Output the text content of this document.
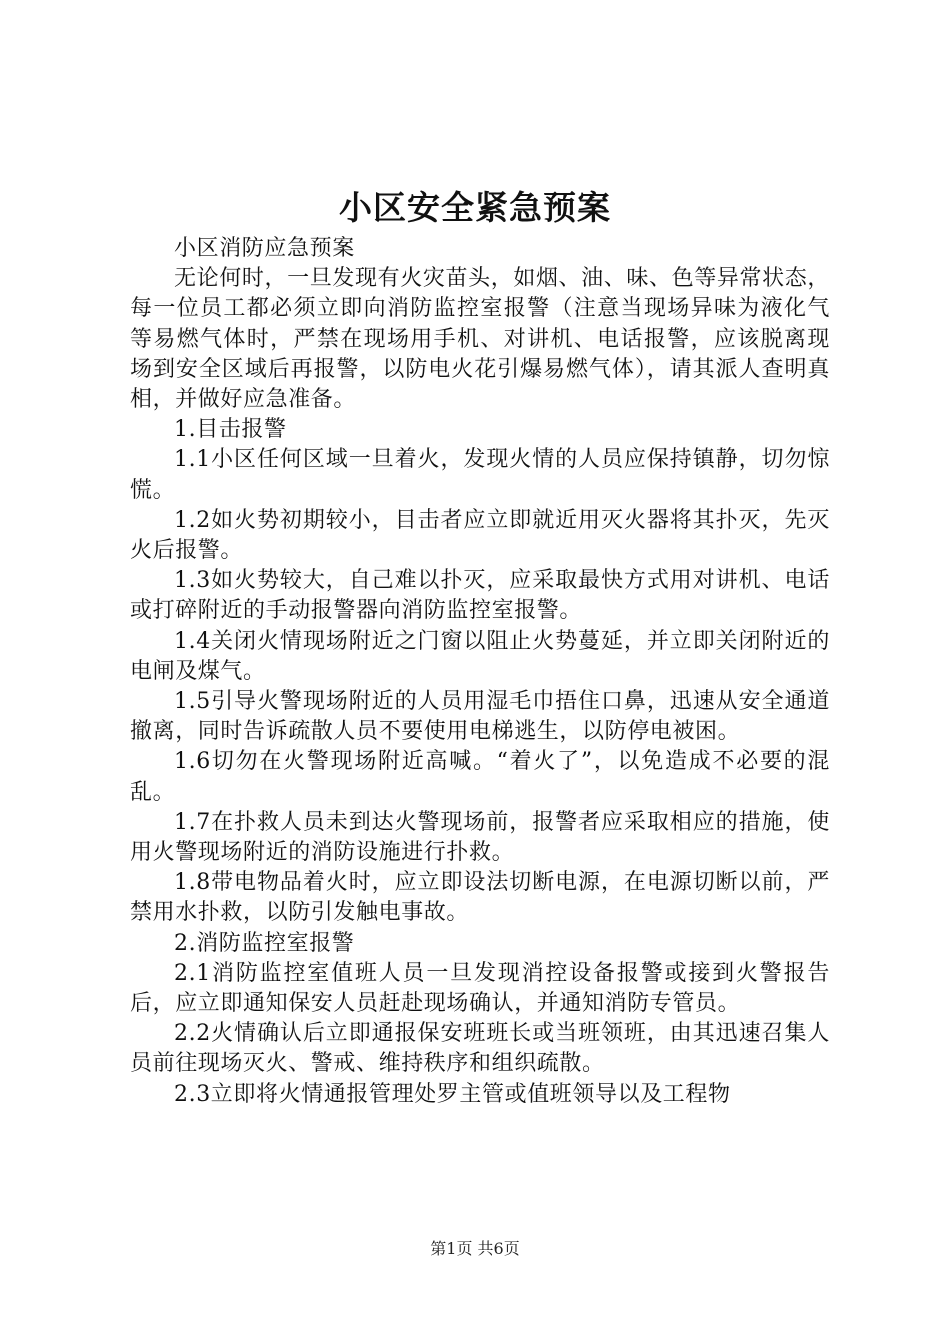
小区安全紧急预案

小区消防应急预案

无论何时，一旦发现有火灾苗头，如烟、油、味、色等异常状态，每一位员工都必须立即向消防监控室报警（注意当现场异味为液化气等易燃气体时，严禁在现场用手机、对讲机、电话报警，应该脱离现场到安全区域后再报警，以防电火花引爆易燃气体），请其派人查明真相，并做好应急准备。

1.目击报警

1.1小区任何区域一旦着火，发现火情的人员应保持镇静，切勿惊慌。

1.2如火势初期较小，目击者应立即就近用灭火器将其扑灭，先灭火后报警。

1.3如火势较大，自己难以扑灭，应采取最快方式用对讲机、电话或打碎附近的手动报警器向消防监控室报警。

1.4关闭火情现场附近之门窗以阻止火势蔓延，并立即关闭附近的电闸及煤气。

1.5引导火警现场附近的人员用湿毛巾捂住口鼻，迅速从安全通道撤离，同时告诉疏散人员不要使用电梯逃生，以防停电被困。

1.6切勿在火警现场附近高喊。“着火了”，以免造成不必要的混乱。

1.7在扑救人员未到达火警现场前，报警者应采取相应的措施，使用火警现场附近的消防设施进行扑救。

1.8带电物品着火时，应立即设法切断电源，在电源切断以前，严禁用水扑救，以防引发触电事故。

2.消防监控室报警

2.1消防监控室值班人员一旦发现消控设备报警或接到火警报告后，应立即通知保安人员赶赴现场确认，并通知消防专管员。

2.2火情确认后立即通报保安班班长或当班领班，由其迅速召集人员前往现场灭火、警戒、维持秩序和组织疏散。

2.3立即将火情通报管理处罗主管或值班领导以及工程物

第1页 共6页
